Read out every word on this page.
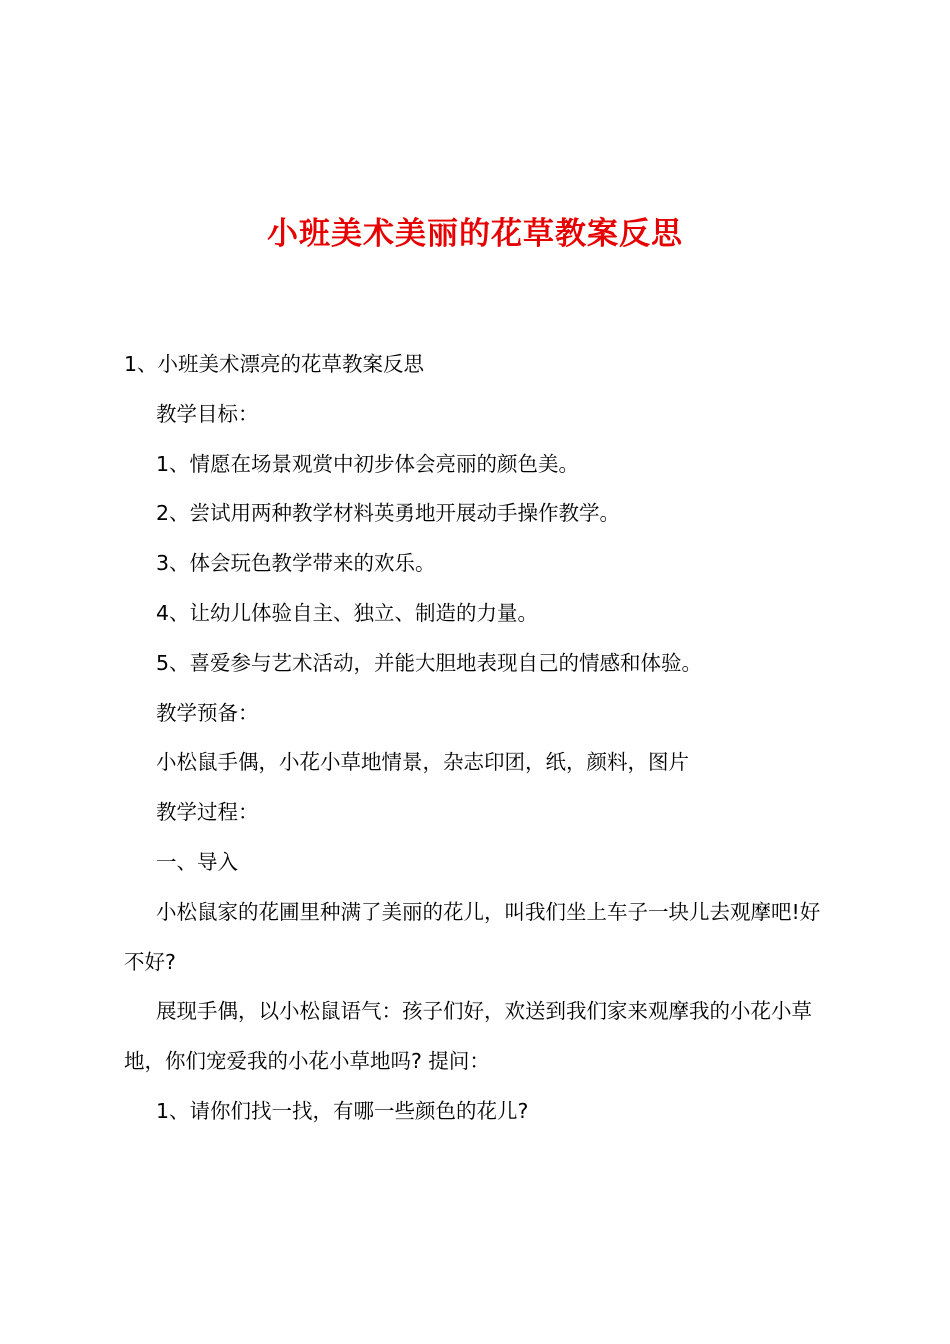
小班美术美丽的花草教案反思

1、小班美术漂亮的花草教案反思

教学目标：

1、情愿在场景观赏中初步体会亮丽的颜色美。

2、尝试用两种教学材料英勇地开展动手操作教学。

3、体会玩色教学带来的欢乐。

4、让幼儿体验自主、独立、制造的力量。

5、喜爱参与艺术活动，并能大胆地表现自己的情感和体验。

教学预备：

小松鼠手偶，小花小草地情景，杂志印团，纸，颜料，图片

教学过程：

一、导入

小松鼠家的花圃里种满了美丽的花儿，叫我们坐上车子一块儿去观摩吧!好不好?

展现手偶，以小松鼠语气：孩子们好，欢送到我们家来观摩我的小花小草地，你们宠爱我的小花小草地吗? 提问：

1、请你们找一找，有哪一些颜色的花儿?
